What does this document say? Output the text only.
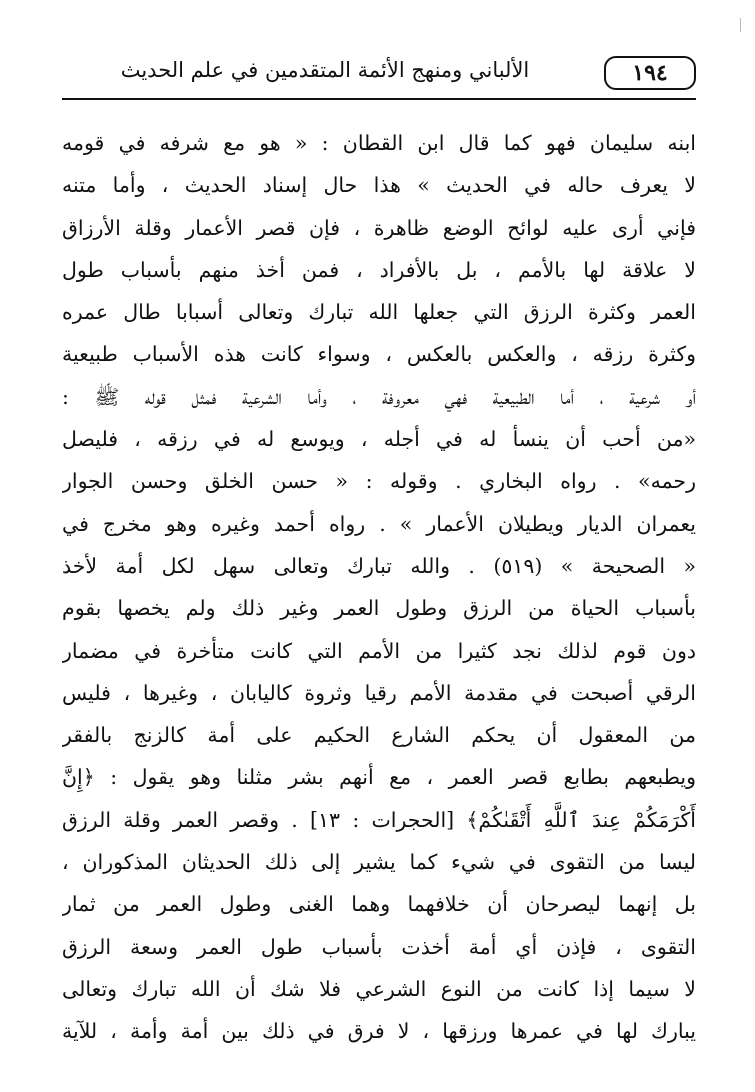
١٩٤
الألباني ومنهج الأئمة المتقدمين في علم الحديث
ابنه سليمان فهو كما قال ابن القطان : « هو مع شرفه في قومه
لا يعرف حاله في الحديث » هذا حال إسناد الحديث ، وأما متنه
فإني أرى عليه لوائح الوضع ظاهرة ، فإن قصر الأعمار وقلة الأرزاق
لا علاقة لها بالأمم ، بل بالأفراد ، فمن أخذ منهم بأسباب طول
العمر وكثرة الرزق التي جعلها الله تبارك وتعالى أسبابا طال عمره
وكثرة رزقه ، والعكس بالعكس ، وسواء كانت هذه الأسباب طبيعية
أو شرعية ، أما الطبيعية فهي معروفة ، وأما الشرعية فمثل قوله ﷺ :
«من أحب أن ينسأ له في أجله ، ويوسع له في رزقه ، فليصل
رحمه» . رواه البخاري . وقوله : « حسن الخلق وحسن الجوار
يعمران الديار ويطيلان الأعمار » . رواه أحمد وغيره وهو مخرج في
« الصحيحة » (٥١٩) . والله تبارك وتعالى سهل لكل أمة لأخذ
بأسباب الحياة من الرزق وطول العمر وغير ذلك ولم يخصها بقوم
دون قوم لذلك نجد كثيرا من الأمم التي كانت متأخرة في مضمار
الرقي أصبحت في مقدمة الأمم رقيا وثروة كاليابان ، وغيرها ، فليس
من المعقول أن يحكم الشارع الحكيم على أمة كالزنج بالفقر
ويطبعهم بطابع قصر العمر ، مع أنهم بشر مثلنا وهو يقول : ﴿إِنَّ
أَكْرَمَكُمْ عِندَ ٱللَّهِ أَتْقَىٰكُمْ﴾ [الحجرات : ١٣] . وقصر العمر وقلة الرزق
ليسا من التقوى في شيء كما يشير إلى ذلك الحديثان المذكوران ،
بل إنهما ليصرحان أن خلافهما وهما الغنى وطول العمر من ثمار
التقوى ، فإذن أي أمة أخذت بأسباب طول العمر وسعة الرزق
لا سيما إذا كانت من النوع الشرعي فلا شك أن الله تبارك وتعالى
يبارك لها في عمرها ورزقها ، لا فرق في ذلك بين أمة وأمة ، للآية
